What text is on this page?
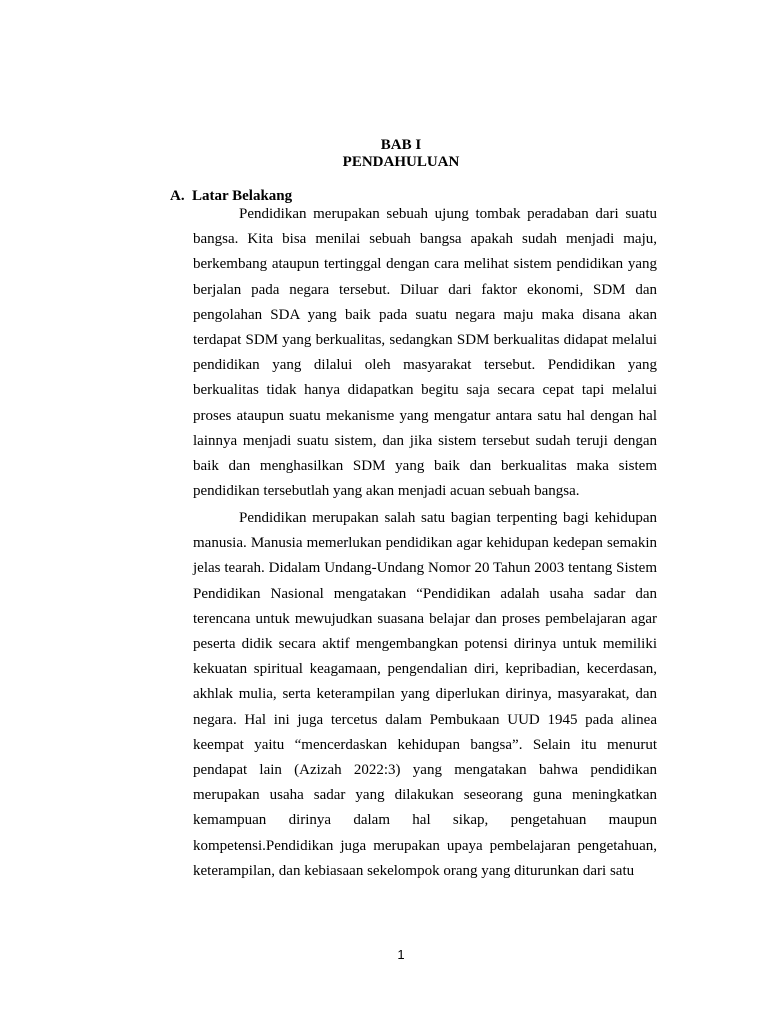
BAB I
PENDAHULUAN
A. Latar Belakang

Pendidikan merupakan sebuah ujung tombak peradaban dari suatu bangsa. Kita bisa menilai sebuah bangsa apakah sudah menjadi maju, berkembang ataupun tertinggal dengan cara melihat sistem pendidikan yang berjalan pada negara tersebut. Diluar dari faktor ekonomi, SDM dan pengolahan SDA yang baik pada suatu negara maju maka disana akan terdapat SDM yang berkualitas, sedangkan SDM berkualitas didapat melalui pendidikan yang dilalui oleh masyarakat tersebut. Pendidikan yang berkualitas tidak hanya didapatkan begitu saja secara cepat tapi melalui proses ataupun suatu mekanisme yang mengatur antara satu hal dengan hal lainnya menjadi suatu sistem, dan jika sistem tersebut sudah teruji dengan baik dan menghasilkan SDM yang baik dan berkualitas maka sistem pendidikan tersebutlah yang akan menjadi acuan sebuah bangsa.

Pendidikan merupakan salah satu bagian terpenting bagi kehidupan manusia. Manusia memerlukan pendidikan agar kehidupan kedepan semakin jelas tearah. Didalam Undang-Undang Nomor 20 Tahun 2003 tentang Sistem Pendidikan Nasional mengatakan “Pendidikan adalah usaha sadar dan terencana untuk mewujudkan suasana belajar dan proses pembelajaran agar peserta didik secara aktif mengembangkan potensi dirinya untuk memiliki kekuatan spiritual keagamaan, pengendalian diri, kepribadian, kecerdasan, akhlak mulia, serta keterampilan yang diperlukan dirinya, masyarakat, dan negara. Hal ini juga tercetus dalam Pembukaan UUD 1945 pada alinea keempat yaitu “mencerdaskan kehidupan bangsa”. Selain itu menurut pendapat lain (Azizah 2022:3) yang mengatakan bahwa pendidikan merupakan usaha sadar yang dilakukan seseorang guna meningkatkan kemampuan dirinya dalam hal sikap, pengetahuan maupun kompetensi.Pendidikan juga merupakan upaya pembelajaran pengetahuan, keterampilan, dan kebiasaan sekelompok orang yang diturunkan dari satu

1
